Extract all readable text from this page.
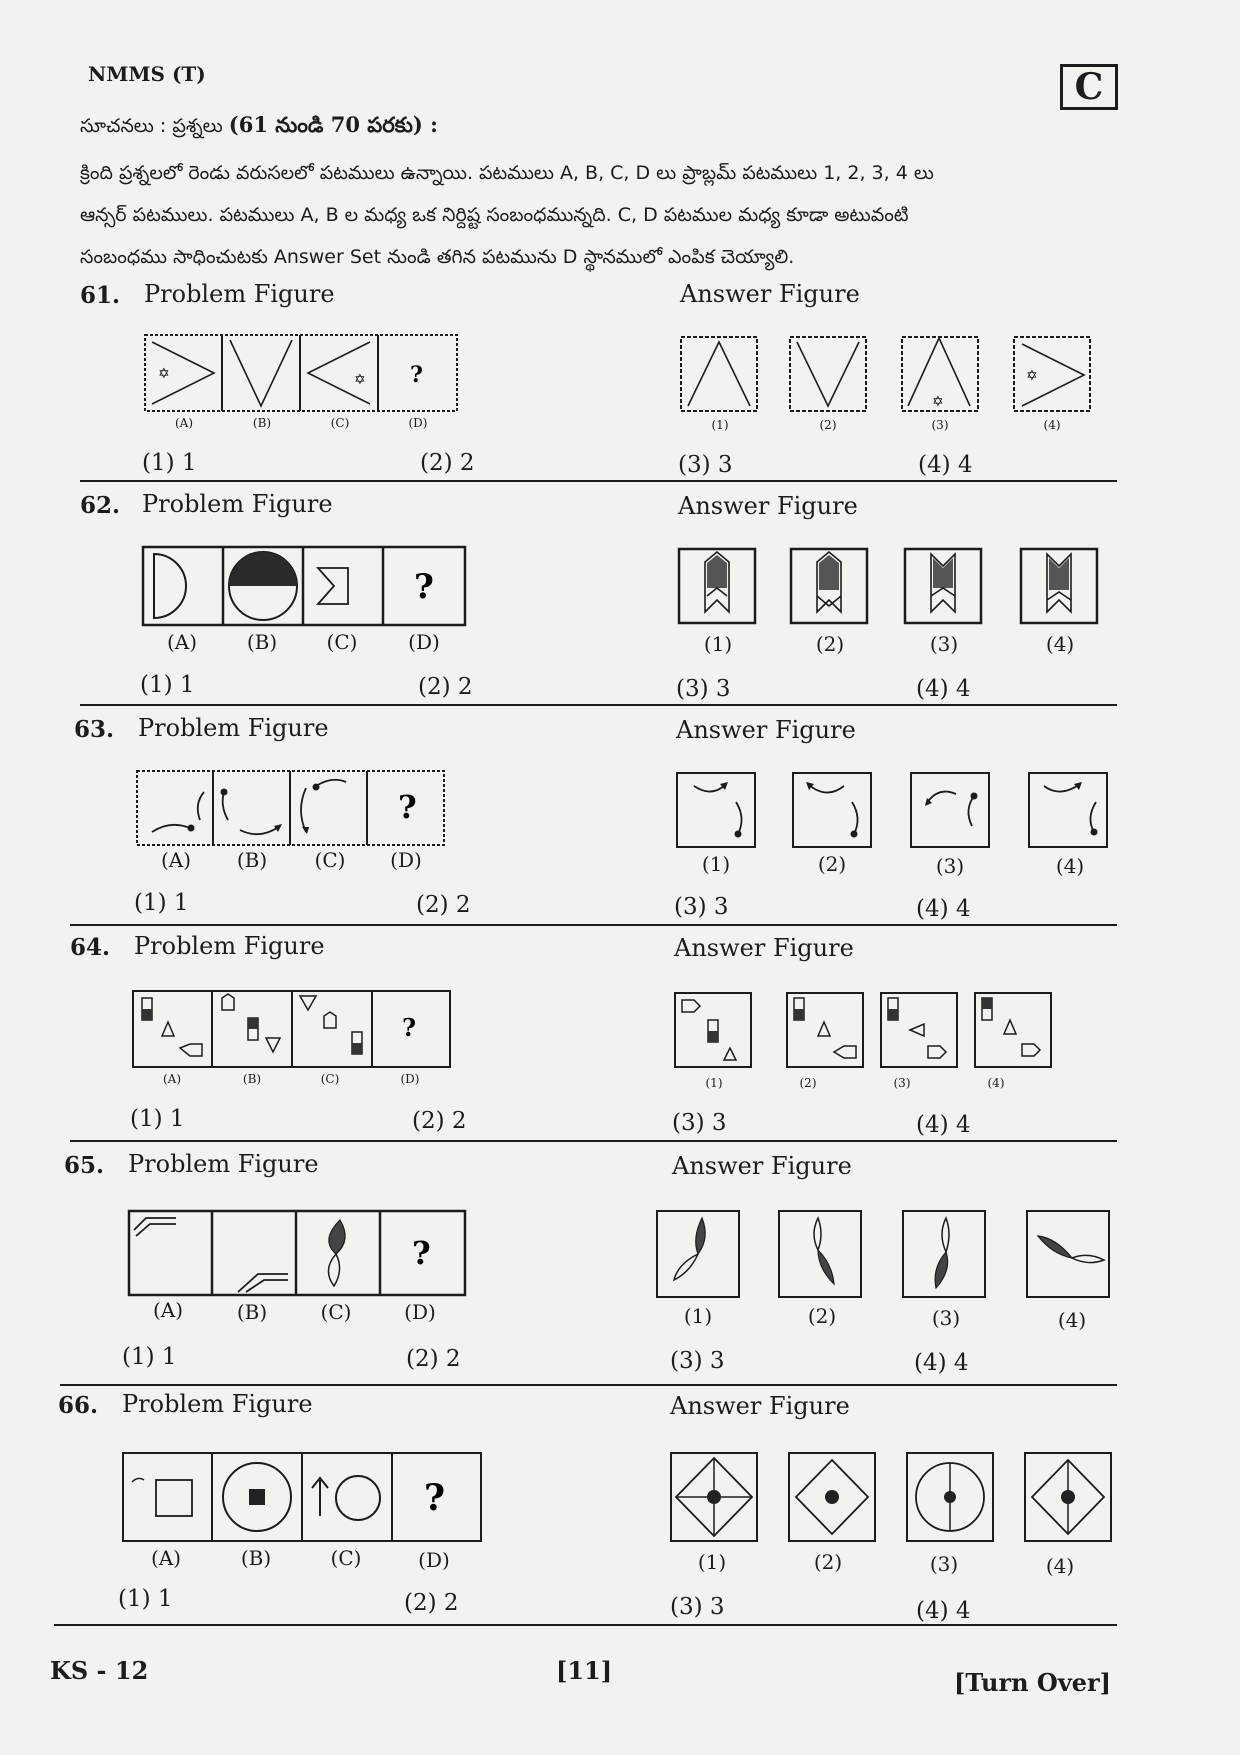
NMMS (T)	C
సూచనలు : ప్రశ్నలు (61 నుండి 70 పరకు) :
క్రింది ప్రశ్నలలో రెండు వరుసలలో పటములు ఉన్నాయి. పటములు A, B, C, D లు ప్రాబ్లమ్ పటములు 1, 2, 3, 4 లు
ఆన్సర్ పటములు. పటములు A, B ల మధ్య ఒక నిర్దిష్ట సంబంధమున్నది. C, D పటముల మధ్య కూడా అటువంటి
సంబంధము సాధించుటకు Answer Set నుండి తగిన పటమును D స్థానములో ఎంపిక చెయ్యాలి.
61. Problem Figure	Answer Figure
✡	✡ ?
(A)	(B)	(C)	(D)
✡
✡
(1)	(2)	(3)	(4)
(1) 1	(2) 2	(3) 3	(4) 4
62. Problem Figure	Answer Figure
?
(A) (B) (C)	(D)	(1)	(2)	(3)	(4)
(1) 1	(2) 2	(3) 3	(4) 4
63. Problem Figure	Answer Figure
?
(A) (B) (C) (D)	(1)	(2)	(3)	(4)
(1) 1	(2) 2	(3) 3	(4) 4
64. Problem Figure	Answer Figure
?
(A)	(B)	(C)	(D)	(1)	(2)	(3)	(4)
(1) 1	(2) 2	(3) 3	(4) 4
65. Problem Figure	Answer Figure
?
(A)	(B)	(C)	(D)	(1)	(2)	(3)	(4)
(1) 1	(2) 2	(3) 3	(4) 4
66. Problem Figure	Answer Figure
?
(A)	(B)	(C)	(D)	(1)	(2)	(3)	(4)
(1) 1	(2) 2	(3) 3	(4) 4
KS - 12	[11]	[Turn Over]
